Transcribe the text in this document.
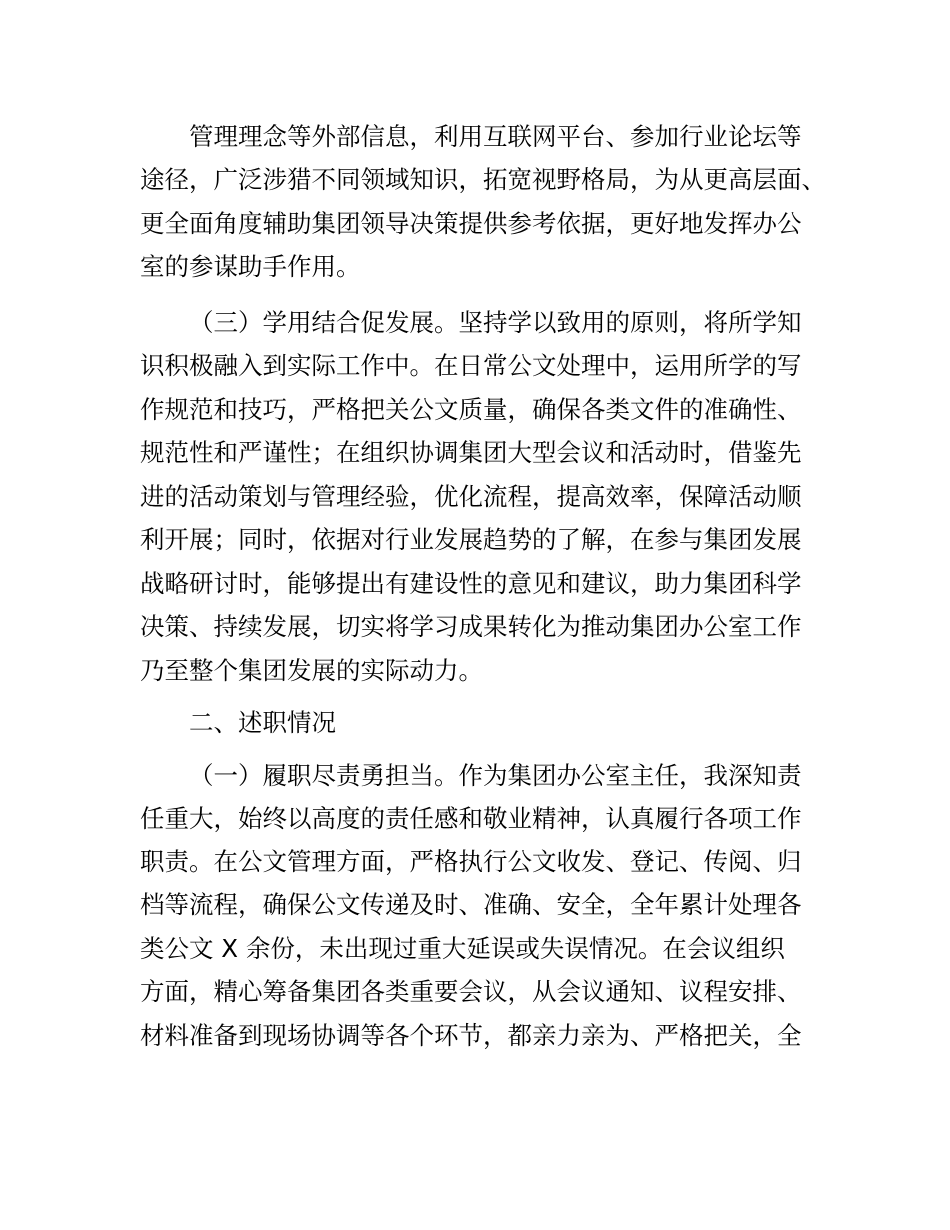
管理理念等外部信息，利用互联网平台、参加行业论坛等

途径，广泛涉猎不同领域知识，拓宽视野格局，为从更高层面、

更全面角度辅助集团领导决策提供参考依据，更好地发挥办公

室的参谋助手作用。

（三）学用结合促发展。坚持学以致用的原则，将所学知

识积极融入到实际工作中。在日常公文处理中，运用所学的写

作规范和技巧，严格把关公文质量，确保各类文件的准确性、

规范性和严谨性；在组织协调集团大型会议和活动时，借鉴先

进的活动策划与管理经验，优化流程，提高效率，保障活动顺

利开展；同时，依据对行业发展趋势的了解，在参与集团发展

战略研讨时，能够提出有建设性的意见和建议，助力集团科学

决策、持续发展，切实将学习成果转化为推动集团办公室工作

乃至整个集团发展的实际动力。

二、述职情况

（一）履职尽责勇担当。作为集团办公室主任，我深知责

任重大，始终以高度的责任感和敬业精神，认真履行各项工作

职责。在公文管理方面，严格执行公文收发、登记、传阅、归

档等流程，确保公文传递及时、准确、安全，全年累计处理各

类公文 X 余份，未出现过重大延误或失误情况。在会议组织

方面，精心筹备集团各类重要会议，从会议通知、议程安排、

材料准备到现场协调等各个环节，都亲力亲为、严格把关，全
